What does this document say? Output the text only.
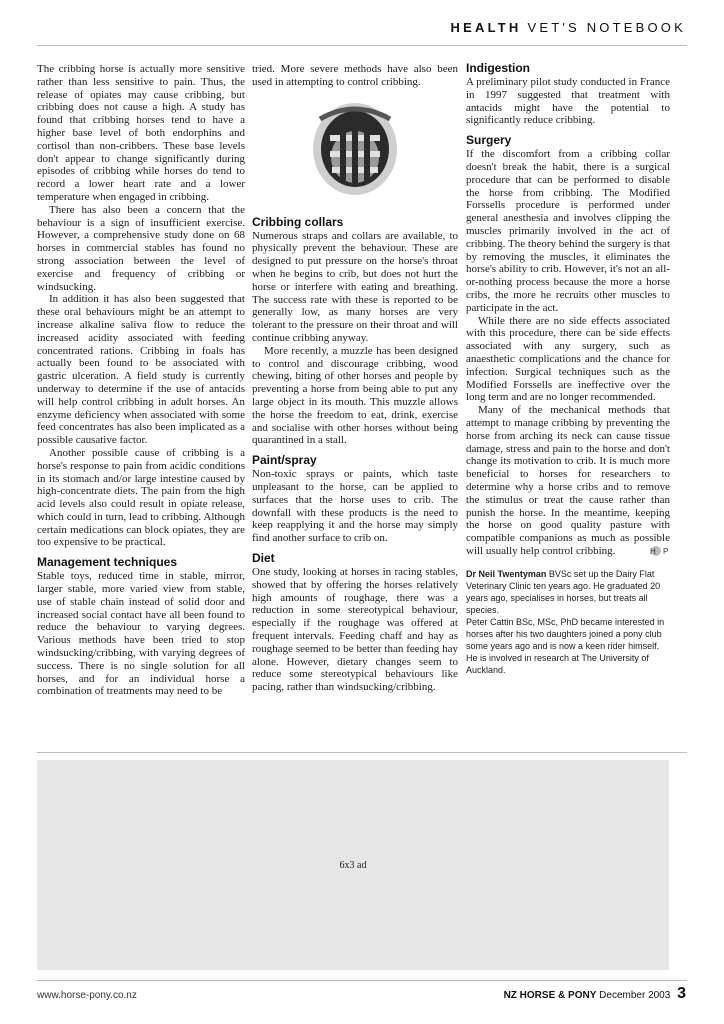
HEALTH VET'S NOTEBOOK

The cribbing horse is actually more sensitive rather than less sensitive to pain. Thus, the release of opiates may cause cribbing, but cribbing does not cause a high. A study has found that cribbing horses tend to have a higher base level of both endorphins and cortisol than non-cribbers. These base levels don't appear to change significantly during episodes of cribbing while horses do tend to record a lower heart rate and a lower temperature when engaged in cribbing.

There has also been a concern that the behaviour is a sign of insufficient exercise. However, a comprehensive study done on 68 horses in commercial stables has found no strong association between the level of exercise and frequency of cribbing or windsucking.

In addition it has also been suggested that these oral behaviours might be an attempt to increase alkaline saliva flow to reduce the increased acidity associated with feeding concentrated rations. Cribbing in foals has actually been found to be associated with gastric ulceration. A field study is currently underway to determine if the use of antacids will help control cribbing in adult horses. An enzyme deficiency when associated with some feed concentrates has also been implicated as a possible causative factor.

Another possible cause of cribbing is a horse's response to pain from acidic conditions in its stomach and/or large intestine caused by high-concentrate diets. The pain from the high acid levels also could result in opiate release, which could in turn, lead to cribbing. Although certain medications can block opiates, they are too expensive to be practical.

Management techniques

Stable toys, reduced time in stable, mirror, larger stable, more varied view from stable, use of stable chain instead of solid door and increased social contact have all been found to reduce the behaviour to varying degrees. Various methods have been tried to stop windsucking/cribbing, with varying degrees of success. There is no single solution for all horses, and for an individual horse a combination of treatments may need to be

tried. More severe methods have also been used in attempting to control cribbing.

Cribbing collars

Numerous straps and collars are available, to physically prevent the behaviour. These are designed to put pressure on the horse's throat when he begins to crib, but does not hurt the horse or interfere with eating and breathing. The success rate with these is reported to be generally low, as many horses are very tolerant to the pressure on their throat and will continue cribbing anyway.

More recently, a muzzle has been designed to control and discourage cribbing, wood chewing, biting of other horses and people by preventing a horse from being able to put any large object in its mouth. This muzzle allows the horse the freedom to eat, drink, exercise and socialise with other horses without being quarantined in a stall.

Paint/spray

Non-toxic sprays or paints, which taste unpleasant to the horse, can be applied to surfaces that the horse uses to crib. The downfall with these products is the need to keep reapplying it and the horse may simply find another surface to crib on.

Diet

One study, looking at horses in racing stables, showed that by offering the horses relatively high amounts of roughage, there was a reduction in some stereotypical behaviour, especially if the roughage was offered at frequent intervals. Feeding chaff and hay as roughage seemed to be better than feeding hay alone. However, dietary changes seem to reduce some stereotypical behaviours like pacing, rather than windsucking/cribbing.

Indigestion

A preliminary pilot study conducted in France in 1997 suggested that treatment with antacids might have the potential to significantly reduce cribbing.

Surgery

If the discomfort from a cribbing collar doesn't break the habit, there is a surgical procedure that can be performed to disable the horse from cribbing. The Modified Forssells procedure is performed under general anesthesia and involves clipping the muscles primarily involved in the act of cribbing. The theory behind the surgery is that by removing the muscles, it eliminates the horse's ability to crib. However, it's not an all-or-nothing process because the more a horse cribs, the more he recruits other muscles to participate in the act.

While there are no side effects associated with this procedure, there can be side effects associated with any surgery, such as anaesthetic complications and the chance for infection. Surgical techniques such as the Modified Forssells are ineffective over the long term and are no longer recommended.

Many of the mechanical methods that attempt to manage cribbing by preventing the horse from arching its neck can cause tissue damage, stress and pain to the horse and don't change its motivation to crib. It is much more beneficial to horses for researchers to determine why a horse cribs and to remove the stimulus or treat the cause rather than punish the horse. In the meantime, keeping the horse on good quality pasture with compatible companions as much as possible will usually help control cribbing.	H P

Dr Neil Twentyman BVSc set up the Dairy Flat Veterinary Clinic ten years ago. He graduated 20 years ago, specialises in horses, but treats all species.

Peter Cattin BSc, MSc, PhD became interested in horses after his two daughters joined a pony club some years ago and is now a keen rider himself. He is involved in research at The University of Auckland.

6x3 ad
www.horse-pony.co.nz	NZ HORSE & PONY December 2003 3
